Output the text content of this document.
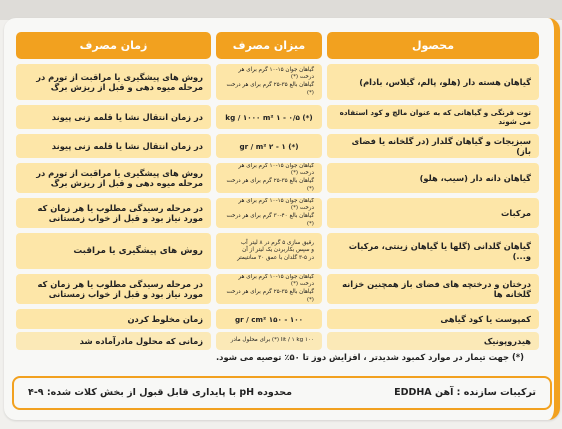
محصول
میزان مصرف
زمان مصرف
گیاهان هسته دار (هلو، پالم، گیلاس، بادام)
گیاهان جوان ۱۵-۱۰ گرم برای هر درخت (*)
گیاهان بالغ ۳۵-۲۵ گرم برای هر درخت (*)
روش های پیشگیری یا مراقبت از تورم در مرحله میوه دهی و قبل از ریزش برگ
توت فرنگی و گیاهانی که به عنوان مالچ و کود استفاده می شوند
(*) ۰/۵ - ۱ kg / ۱۰۰۰ m²
در زمان انتقال نشا یا قلمه زنی پیوند
سبزیجات و گیاهان گلدار (در گلخانه یا فضای باز)
(*) ۱ - ۲ gr / m²
در زمان انتقال نشا یا قلمه زنی پیوند
گیاهان دانه دار (سیب، هلو)
گیاهان جوان ۱۵-۱۰ گرم برای هر درخت (*)
گیاهان بالغ ۳۵-۲۵ گرم برای هر درخت (*)
روش های پیشگیری یا مراقبت از تورم در مرحله میوه دهی و قبل از ریزش برگ
مرکبات
گیاهان جوان ۱۵-۱۰ گرم برای هر درخت (*)
گیاهان بالغ ۴۰-۳۰ گرم برای هر درخت (*)
در مرحله رسیدگی مطلوب یا هر زمان که مورد نیاز بود و قبل از خواب زمستانی
گیاهان گلدانی (گلها یا گیاهان زینتی، مرکبات و...)
رقیق سازی ۵ گرم در ۸ لیتر آب
و سپس بکاربردن یک لیتر از آن
در ۵-۳ گلدان با عمق ۳۰ سانتیمتر
روش های پیشگیری یا مراقبت
درختان و درختچه های فضای باز همچنین خزانه گلخانه ها
گیاهان جوان ۱۵-۱۰ گرم برای هر درخت (*)
گیاهان بالغ ۳۵-۲۵ گرم برای هر درخت (*)
در مرحله رسیدگی مطلوب یا هر زمان که مورد نیاز بود و قبل از خواب زمستانی
کمپوست یا کود گیاهی
۱۰۰ - ۱۵۰ gr / cm²
زمان مخلوط کردن
هیدروپونیک
۱۰۰ lit / ۱ kg (*) برای محلول مادر
زمانی که محلول مادرآماده شد
(*) جهت تیمار در موارد کمبود شدیدتر ، افزایش دوز تا ۵۰٪ توصیه می شود.
ترکیبات سازنده : آهن EDDHA
محدوده pH با پایداری قابل قبول از بخش کلات شده: ۹-۴
